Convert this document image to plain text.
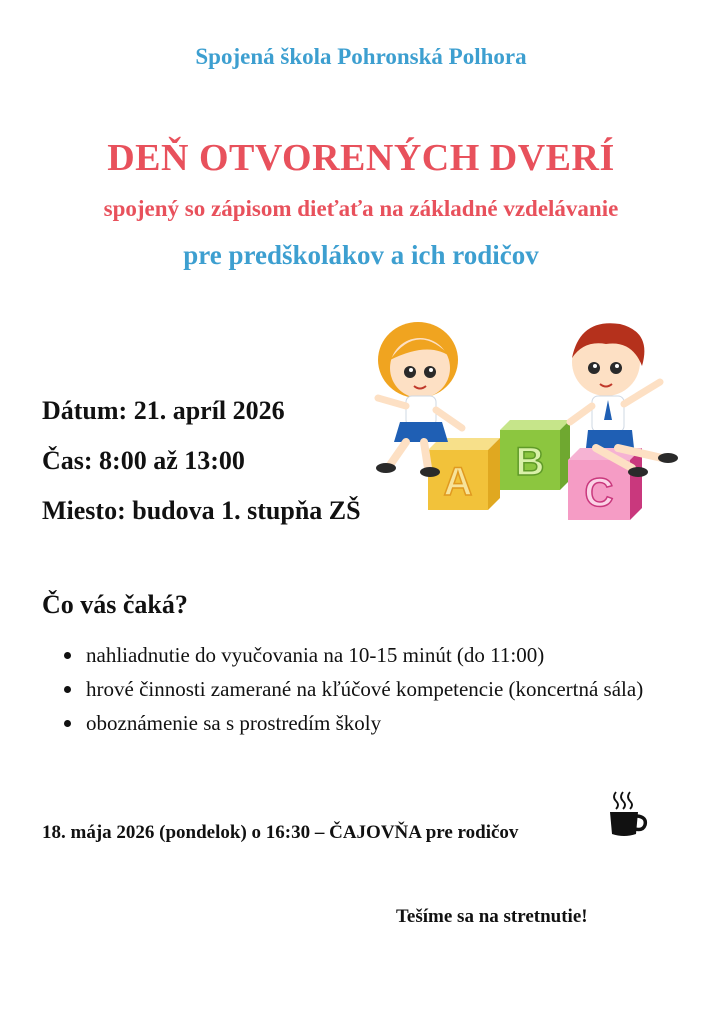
Spojená škola Pohronská Polhora
DEŇ OTVORENÝCH DVERÍ
spojený so zápisom dieťaťa na základné vzdelávanie
pre predškolákov a ich rodičov
A B
C
Dátum: 21. apríl 2026
Čas: 8:00 až 13:00
Miesto: budova 1. stupňa ZŠ
Čo vás čaká?
nahliadnutie do vyučovania na 10-15 minút (do 11:00)
hrové činnosti zamerané na kľúčové kompetencie (koncertná sála)
oboznámenie sa s prostredím školy
18. mája 2026 (pondelok) o 16:30 – ČAJOVŇA pre rodičov
Tešíme sa na stretnutie!
